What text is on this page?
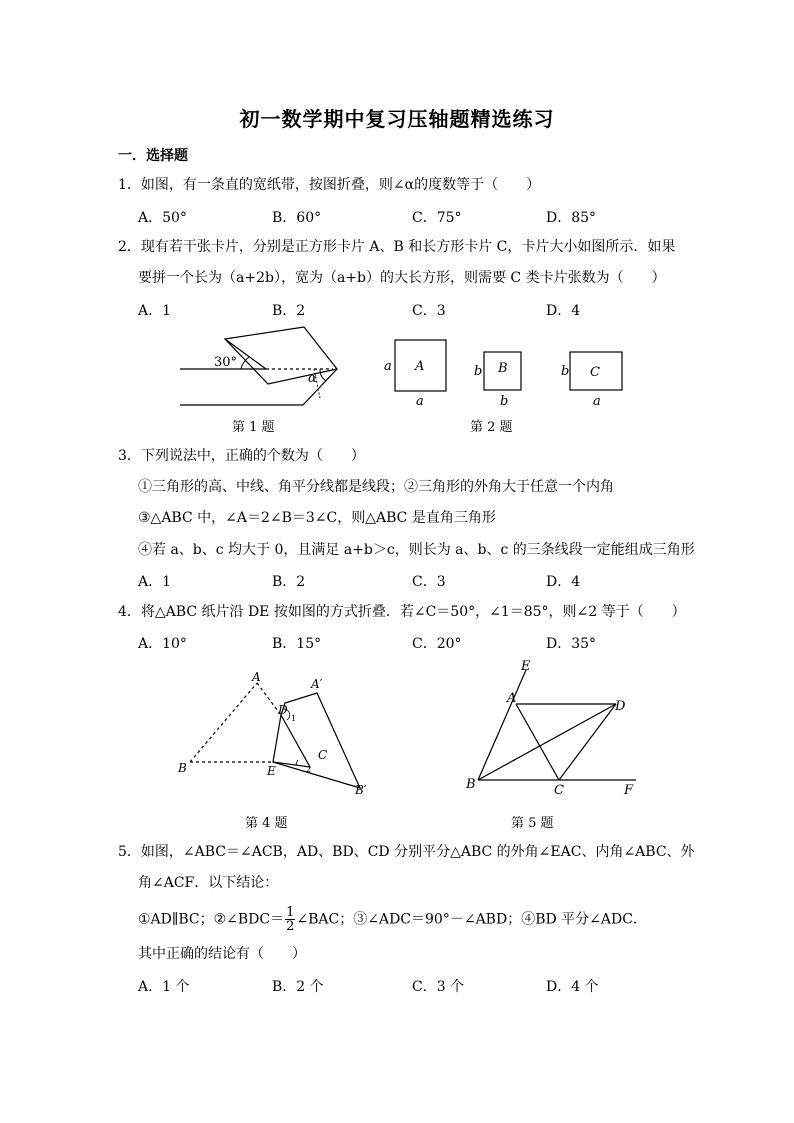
初一数学期中复习压轴题精选练习
一．选择题
1．如图，有一条直的宽纸带，按图折叠，则∠α的度数等于（　　）
A．50°	B．60°	C．75°	D．85°
2．现有若干张卡片，分别是正方形卡片 A、B 和长方形卡片 C，卡片大小如图所示．如果
要拼一个长为（a+2b），宽为（a+b）的大长方形，则需要 C 类卡片张数为（　　）
A．1	B．2	C．3	D．4
30°
α
第 1 题
A
a
a
B
b
b
C
b
a
第 2 题
3．下列说法中，正确的个数为（　　）
①三角形的高、中线、角平分线都是线段；②三角形的外角大于任意一个内角
③△ABC 中，∠A＝2∠B＝3∠C，则△ABC 是直角三角形
④若 a、b、c 均大于 0，且满足 a+b＞c，则长为 a、b、c 的三条线段一定能组成三角形
A．1	B．2	C．3	D．4
4．将△ABC 纸片沿 DE 按如图的方式折叠．若∠C＝50°，∠1＝85°，则∠2 等于（　　）
A．10°	B．15°	C．20°	D．35°
A	A′
D
B	E
C
B′
1
2
第 4 题
E
A
D
B	C	F
第 5 题
5．如图，∠ABC＝∠ACB，AD、BD、CD 分别平分△ABC 的外角∠EAC、内角∠ABC、外
角∠ACF．以下结论：
①AD∥BC；②∠BDC＝ $\frac{1}{2}$ ∠BAC；③∠ADC＝90°－∠ABD；④BD 平分∠ADC．
其中正确的结论有（　　）
A．1 个	B．2 个	C．3 个	D．4 个
